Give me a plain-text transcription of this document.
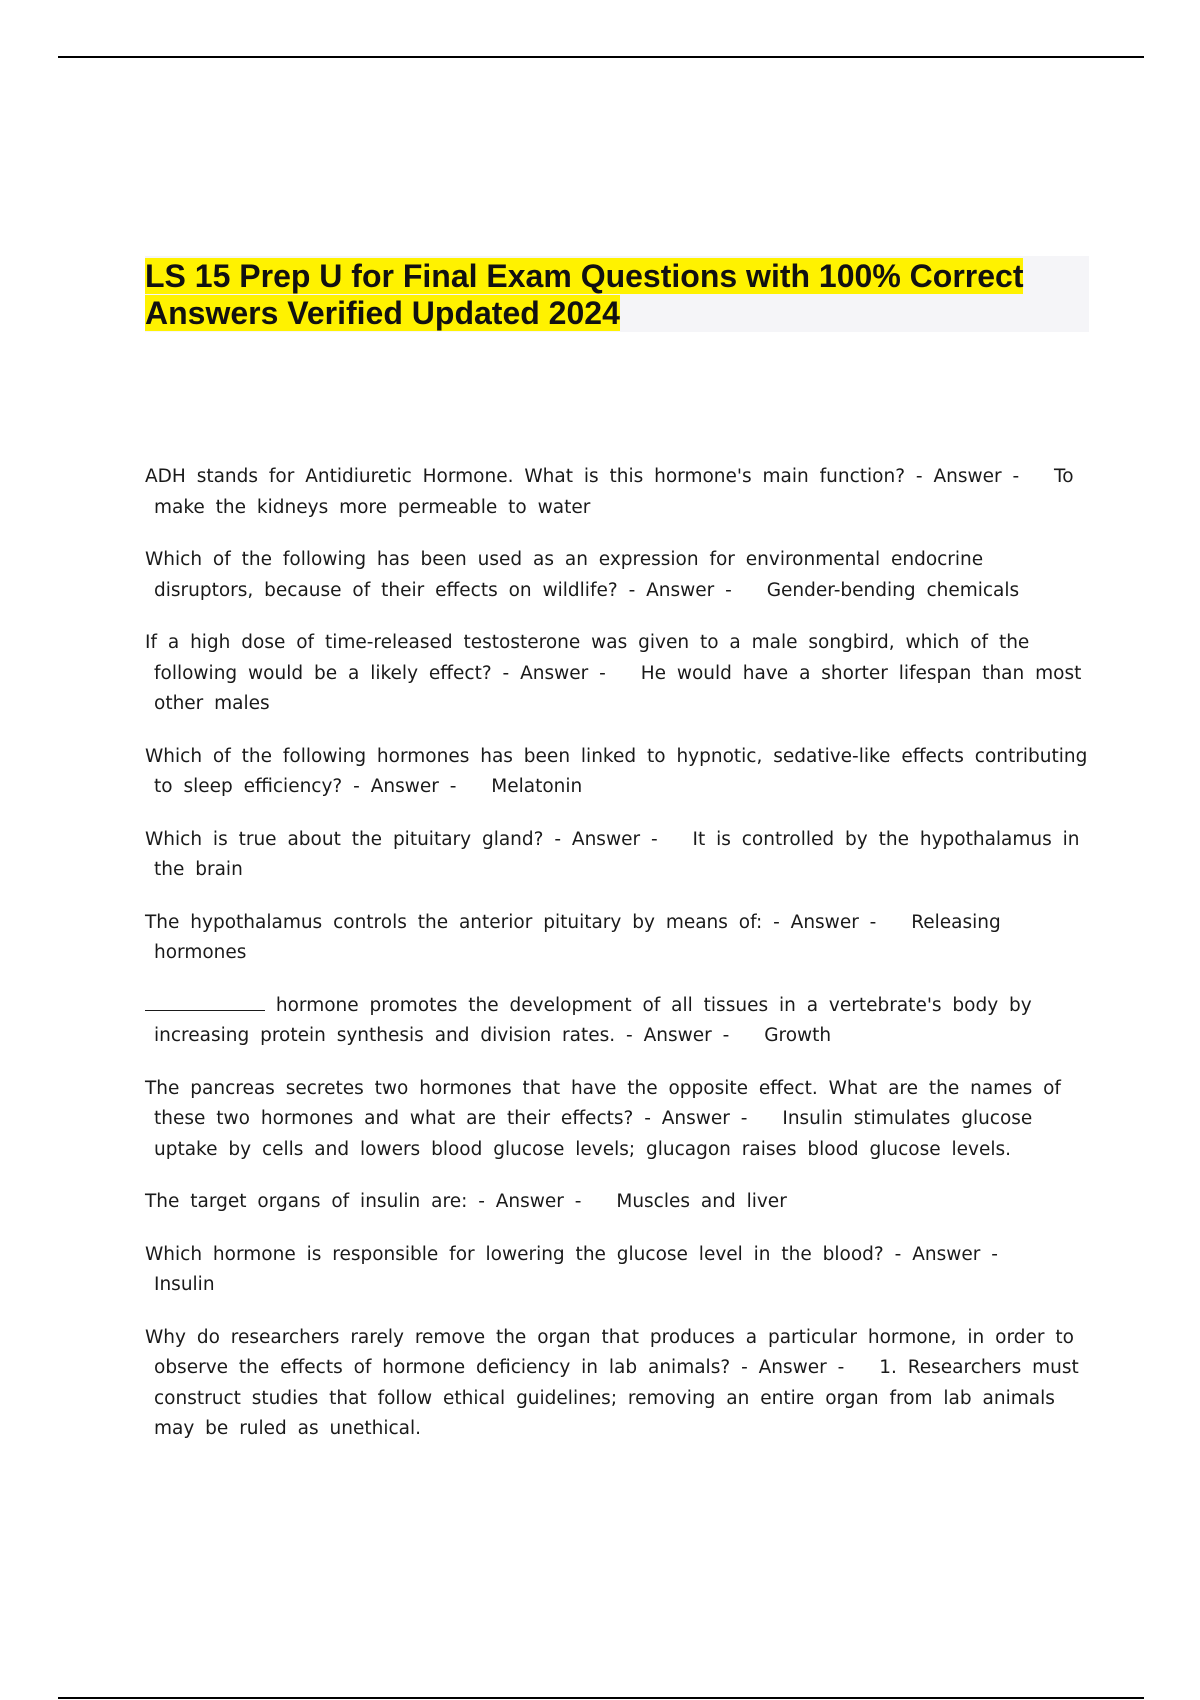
LS 15 Prep U for Final Exam Questions with 100% Correct
Answers Verified Updated 2024

ADH stands for Antidiuretic Hormone. What is this hormone's main function? - Answer - To make the kidneys more permeable to water

Which of the following has been used as an expression for environmental endocrine disruptors, because of their effects on wildlife? - Answer - Gender-bending chemicals

If a high dose of time-released testosterone was given to a male songbird, which of the following would be a likely effect? - Answer - He would have a shorter lifespan than most other males

Which of the following hormones has been linked to hypnotic, sedative-like effects contributing to sleep efficiency? - Answer - Melatonin

Which is true about the pituitary gland? - Answer - It is controlled by the hypothalamus in the brain

The hypothalamus controls the anterior pituitary by means of: - Answer - Releasing hormones

hormone promotes the development of all tissues in a vertebrate's body by increasing protein synthesis and division rates. - Answer - Growth

The pancreas secretes two hormones that have the opposite effect. What are the names of these two hormones and what are their effects? - Answer - Insulin stimulates glucose uptake by cells and lowers blood glucose levels; glucagon raises blood glucose levels.

The target organs of insulin are: - Answer - Muscles and liver

Which hormone is responsible for lowering the glucose level in the blood? - Answer - Insulin

Why do researchers rarely remove the organ that produces a particular hormone, in order to observe the effects of hormone deficiency in lab animals? - Answer - 1. Researchers must construct studies that follow ethical guidelines; removing an entire organ from lab animals may be ruled as unethical.
